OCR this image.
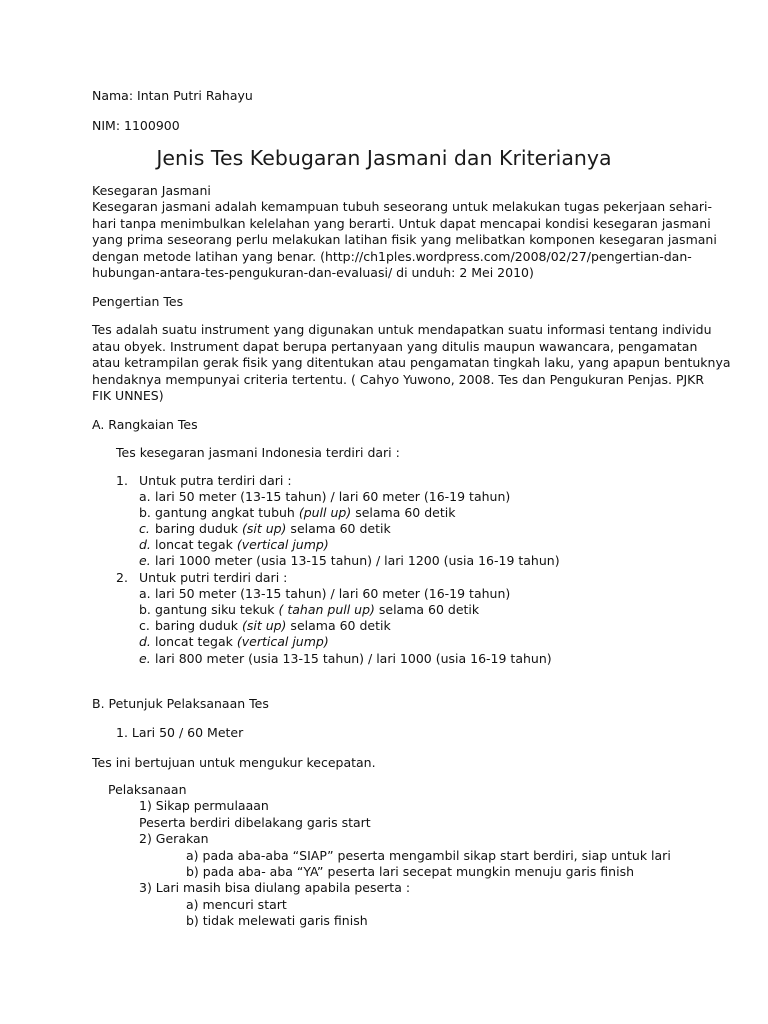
Nama: Intan Putri Rahayu
NIM: 1100900
Jenis Tes Kebugaran Jasmani dan Kriterianya
Kesegaran Jasmani
Kesegaran jasmani adalah kemampuan tubuh seseorang untuk melakukan tugas pekerjaan sehari-
hari tanpa menimbulkan kelelahan yang berarti. Untuk dapat mencapai kondisi kesegaran jasmani
yang prima seseorang perlu melakukan latihan fisik yang melibatkan komponen kesegaran jasmani
dengan metode latihan yang benar. (http://ch1ples.wordpress.com/2008/02/27/pengertian-dan-
hubungan-antara-tes-pengukuran-dan-evaluasi/ di unduh: 2 Mei 2010)
Pengertian Tes
Tes adalah suatu instrument yang digunakan untuk mendapatkan suatu informasi tentang individu
atau obyek. Instrument dapat berupa pertanyaan yang ditulis maupun wawancara, pengamatan
atau ketrampilan gerak fisik yang ditentukan atau pengamatan tingkah laku, yang apapun bentuknya
hendaknya mempunyai criteria tertentu. ( Cahyo Yuwono, 2008. Tes dan Pengukuran Penjas. PJKR
FIK UNNES)
A. Rangkaian Tes
Tes kesegaran jasmani Indonesia terdiri dari :
1. Untuk putra terdiri dari :
a. lari 50 meter (13-15 tahun) / lari 60 meter (16-19 tahun)
b. gantung angkat tubuh (pull up) selama 60 detik
c. baring duduk (sit up) selama 60 detik
d. loncat tegak (vertical jump)
e. lari 1000 meter (usia 13-15 tahun) / lari 1200 (usia 16-19 tahun)
2. Untuk putri terdiri dari :
a. lari 50 meter (13-15 tahun) / lari 60 meter (16-19 tahun)
b. gantung siku tekuk ( tahan pull up) selama 60 detik
c. baring duduk (sit up) selama 60 detik
d. loncat tegak (vertical jump)
e. lari 800 meter (usia 13-15 tahun) / lari 1000 (usia 16-19 tahun)
B. Petunjuk Pelaksanaan Tes
1. Lari 50 / 60 Meter
Tes ini bertujuan untuk mengukur kecepatan.
Pelaksanaan
1) Sikap permulaaan
Peserta berdiri dibelakang garis start
2) Gerakan
a) pada aba-aba “SIAP” peserta mengambil sikap start berdiri, siap untuk lari
b) pada aba- aba “YA” peserta lari secepat mungkin menuju garis finish
3) Lari masih bisa diulang apabila peserta :
a) mencuri start
b) tidak melewati garis finish
